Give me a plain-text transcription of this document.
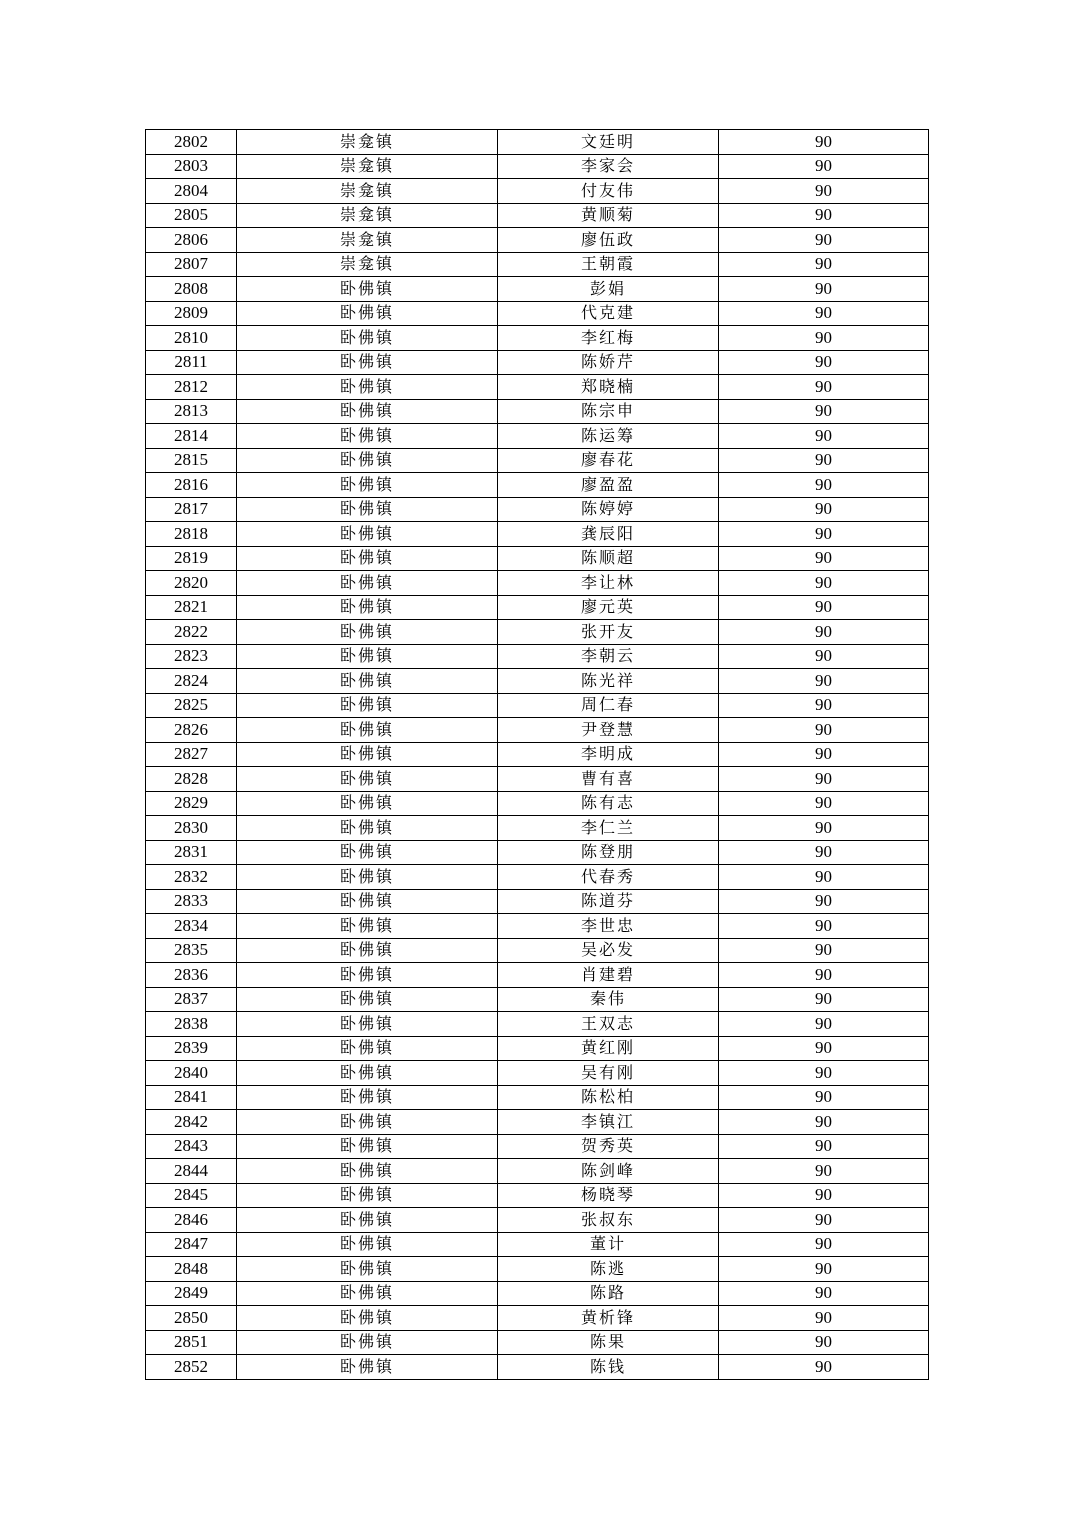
2802	崇龛镇	文廷明	90
2803	崇龛镇	李家会	90
2804	崇龛镇	付友伟	90
2805	崇龛镇	黄顺菊	90
2806	崇龛镇	廖伍政	90
2807	崇龛镇	王朝霞	90
2808	卧佛镇	彭娟	90
2809	卧佛镇	代克建	90
2810	卧佛镇	李红梅	90
2811	卧佛镇	陈娇芹	90
2812	卧佛镇	郑晓楠	90
2813	卧佛镇	陈宗申	90
2814	卧佛镇	陈运筹	90
2815	卧佛镇	廖春花	90
2816	卧佛镇	廖盈盈	90
2817	卧佛镇	陈婷婷	90
2818	卧佛镇	龚辰阳	90
2819	卧佛镇	陈顺超	90
2820	卧佛镇	李让林	90
2821	卧佛镇	廖元英	90
2822	卧佛镇	张开友	90
2823	卧佛镇	李朝云	90
2824	卧佛镇	陈光祥	90
2825	卧佛镇	周仁春	90
2826	卧佛镇	尹登慧	90
2827	卧佛镇	李明成	90
2828	卧佛镇	曹有喜	90
2829	卧佛镇	陈有志	90
2830	卧佛镇	李仁兰	90
2831	卧佛镇	陈登朋	90
2832	卧佛镇	代春秀	90
2833	卧佛镇	陈道芬	90
2834	卧佛镇	李世忠	90
2835	卧佛镇	吴必发	90
2836	卧佛镇	肖建碧	90
2837	卧佛镇	秦伟	90
2838	卧佛镇	王双志	90
2839	卧佛镇	黄红刚	90
2840	卧佛镇	吴有刚	90
2841	卧佛镇	陈松柏	90
2842	卧佛镇	李镇江	90
2843	卧佛镇	贺秀英	90
2844	卧佛镇	陈剑峰	90
2845	卧佛镇	杨晓琴	90
2846	卧佛镇	张叔东	90
2847	卧佛镇	董计	90
2848	卧佛镇	陈逃	90
2849	卧佛镇	陈路	90
2850	卧佛镇	黄析锋	90
2851	卧佛镇	陈果	90
2852	卧佛镇	陈钱	90
